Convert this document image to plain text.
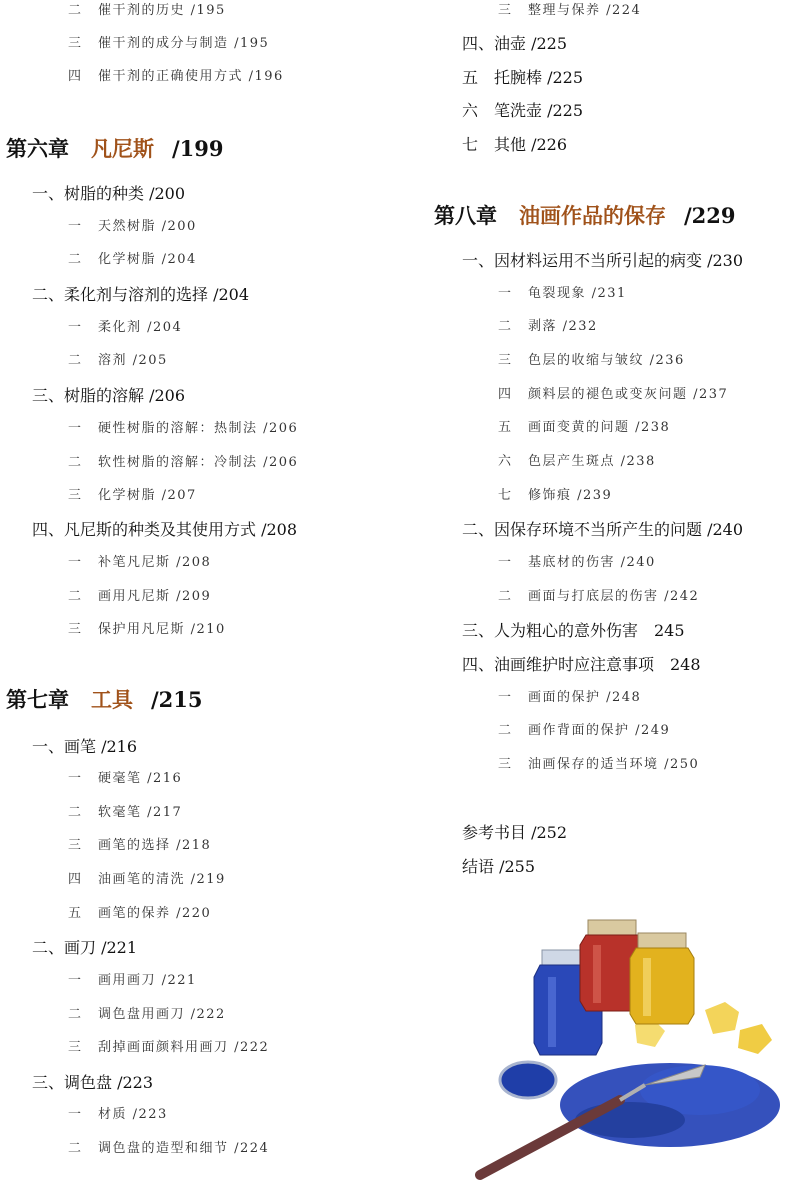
二 催干剂的历史 /195
三 催干剂的成分与制造 /195
四 催干剂的正确使用方式 /196
第六章 凡尼斯 /199
一、树脂的种类 /200
一 天然树脂 /200
二 化学树脂 /204
二、柔化剂与溶剂的选择 /204
一 柔化剂 /204
二 溶剂 /205
三、树脂的溶解 /206
一 硬性树脂的溶解：热制法 /206
二 软性树脂的溶解：冷制法 /206
三 化学树脂 /207
四、凡尼斯的种类及其使用方式 /208
一 补笔凡尼斯 /208
二 画用凡尼斯 /209
三 保护用凡尼斯 /210
第七章 工具 /215
一、画笔 /216
一 硬毫笔 /216
二 软毫笔 /217
三 画笔的选择 /218
四 油画笔的清洗 /219
五 画笔的保养 /220
二、画刀 /221
一 画用画刀 /221
二 调色盘用画刀 /222
三 刮掉画面颜料用画刀 /222
三、调色盘 /223
一 材质 /223
二 调色盘的造型和细节 /224
三 整理与保养 /224
四、油壶 /225
五　托腕棒 /225
六　笔洗壶 /225
七　其他 /226
第八章 油画作品的保存 /229
一、因材料运用不当所引起的病变 /230
一 龟裂现象 /231
二 剥落 /232
三 色层的收缩与皱纹 /236
四 颜料层的褪色或变灰问题 /237
五 画面变黄的问题 /238
六 色层产生斑点 /238
七 修饰痕 /239
二、因保存环境不当所产生的问题 /240
一 基底材的伤害 /240
二 画面与打底层的伤害 /242
三、人为粗心的意外伤害　245
四、油画维护时应注意事项　248
一 画面的保护 /248
二 画作背面的保护 /249
三 油画保存的适当环境 /250
参考书目 /252
结语 /255
